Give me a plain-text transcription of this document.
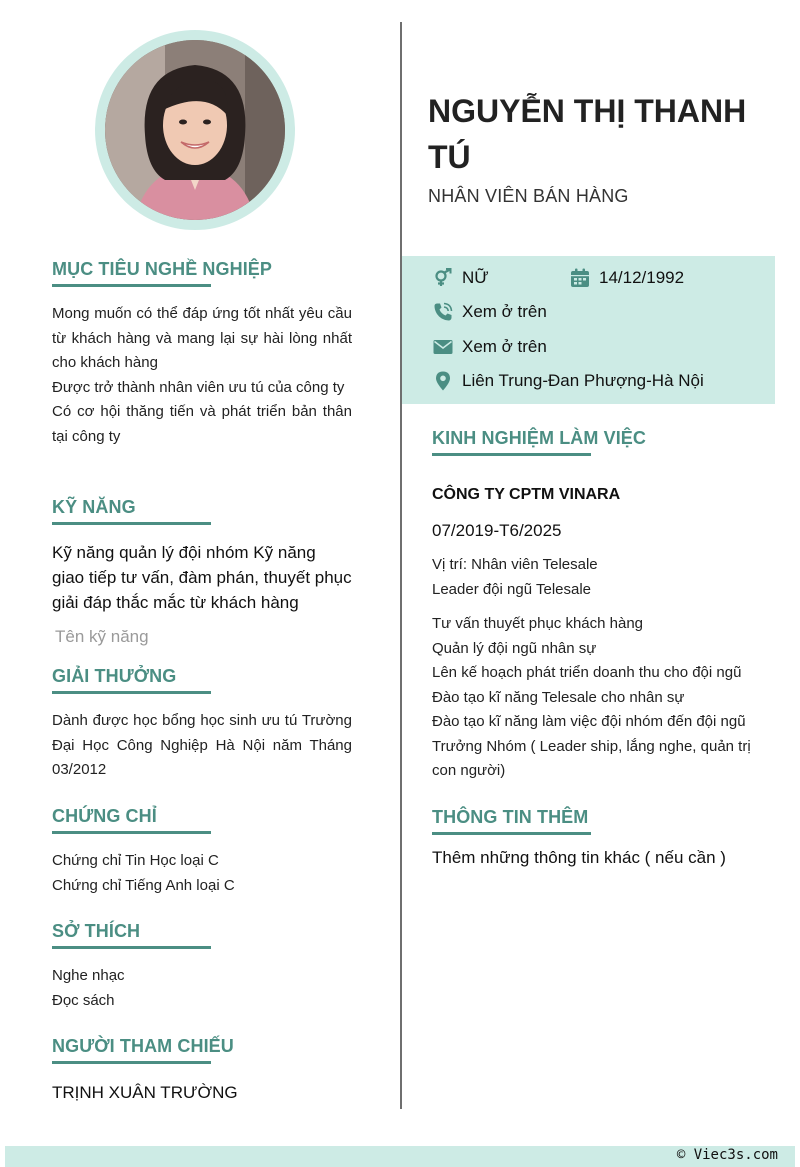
MỤC TIÊU NGHỀ NGHIỆP
Mong muốn có thể đáp ứng tốt nhất yêu cầu từ khách hàng và mang lại sự hài lòng nhất cho khách hàng
Được trở thành nhân viên ưu tú của công ty
Có cơ hội thăng tiến và phát triển bản thân tại công ty
KỸ NĂNG
Kỹ năng quản lý đội nhóm Kỹ năng giao tiếp tư vấn, đàm phán, thuyết phục giải đáp thắc mắc từ khách hàng
Tên kỹ năng
GIẢI THƯỞNG
Dành được học bổng học sinh ưu tú Trường Đại Học Công Nghiệp Hà Nội năm Tháng 03/2012
CHỨNG CHỈ
Chứng chỉ Tin Học loại C
Chứng chỉ Tiếng Anh loại C
SỞ THÍCH
Nghe nhạc
Đọc sách
NGƯỜI THAM CHIẾU
TRỊNH XUÂN TRƯỜNG
NGUYỄN THỊ THANH TÚ
NHÂN VIÊN BÁN HÀNG
NỮ	14/12/1992
Xem ở trên
Xem ở trên
Liên Trung-Đan Phượng-Hà Nội
KINH NGHIỆM LÀM VIỆC
CÔNG TY CPTM VINARA
07/2019-T6/2025
Vị trí: Nhân viên Telesale
Leader đội ngũ Telesale
Tư vấn thuyết phục khách hàng
Quản lý đội ngũ nhân sự
Lên kế hoạch phát triển doanh thu cho đội ngũ
Đào tạo kĩ năng Telesale cho nhân sự
Đào tạo kĩ năng làm việc đội nhóm đến đội ngũ
Trưởng Nhóm ( Leader ship, lắng nghe, quản trị con người)
THÔNG TIN THÊM
Thêm những thông tin khác ( nếu cần )
© Viec3s.com
